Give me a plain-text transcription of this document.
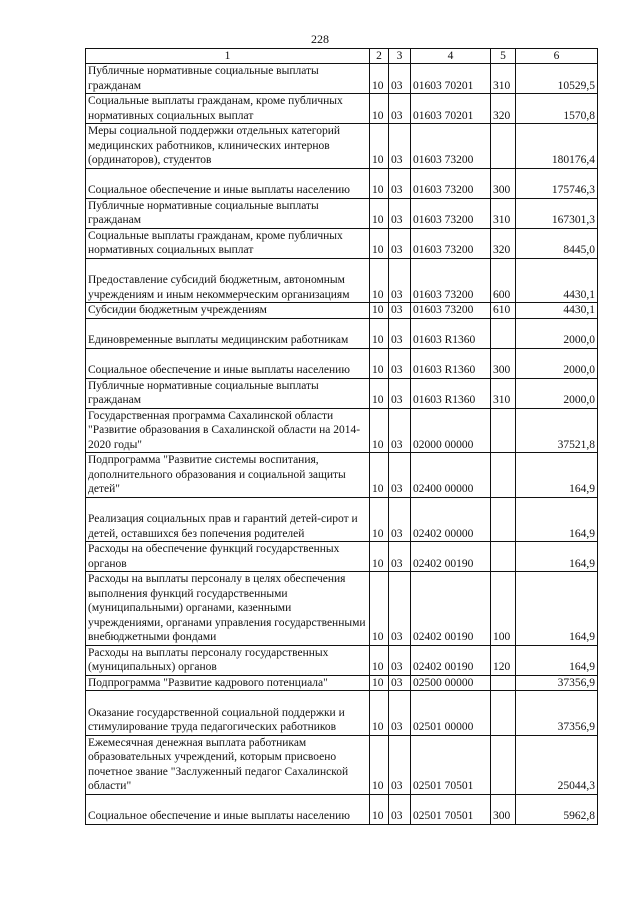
228
1	2	3	4	5	6
Публичные нормативные социальные выплаты гражданам	10	03	01603 70201	310	10529,5
Социальные выплаты гражданам, кроме публичных нормативных социальных выплат	10	03	01603 70201	320	1570,8
Меры социальной поддержки отдельных категорий медицинских работников, клинических интернов (ординаторов), студентов	10	03	01603 73200		180176,4
Социальное обеспечение и иные выплаты населению	10	03	01603 73200	300	175746,3
Публичные нормативные социальные выплаты гражданам	10	03	01603 73200	310	167301,3
Социальные выплаты гражданам, кроме публичных нормативных социальных выплат	10	03	01603 73200	320	8445,0
Предоставление субсидий бюджетным, автономным учреждениям и иным некоммерческим организациям	10	03	01603 73200	600	4430,1
Субсидии бюджетным учреждениям	10	03	01603 73200	610	4430,1
Единовременные выплаты медицинским работникам	10	03	01603 R1360		2000,0
Социальное обеспечение и иные выплаты населению	10	03	01603 R1360	300	2000,0
Публичные нормативные социальные выплаты гражданам	10	03	01603 R1360	310	2000,0
Государственная программа Сахалинской области "Развитие образования в Сахалинской области на 2014-2020 годы"	10	03	02000 00000		37521,8
Подпрограмма "Развитие системы воспитания, дополнительного образования и социальной защиты детей"	10	03	02400 00000		164,9
Реализация социальных прав и гарантий детей-сирот и детей, оставшихся без попечения родителей	10	03	02402 00000		164,9
Расходы на обеспечение функций государственных органов	10	03	02402 00190		164,9
Расходы на выплаты персоналу в целях обеспечения выполнения функций государственными (муниципальными) органами, казенными учреждениями, органами управления государственными внебюджетными фондами	10	03	02402 00190	100	164,9
Расходы на выплаты персоналу государственных (муниципальных) органов	10	03	02402 00190	120	164,9
Подпрограмма "Развитие кадрового потенциала"	10	03	02500 00000		37356,9
Оказание государственной социальной поддержки и стимулирование труда педагогических работников	10	03	02501 00000		37356,9
Ежемесячная денежная выплата работникам образовательных учреждений, которым присвоено почетное звание "Заслуженный педагог Сахалинской области"	10	03	02501 70501		25044,3
Социальное обеспечение и иные выплаты населению	10	03	02501 70501	300	5962,8
